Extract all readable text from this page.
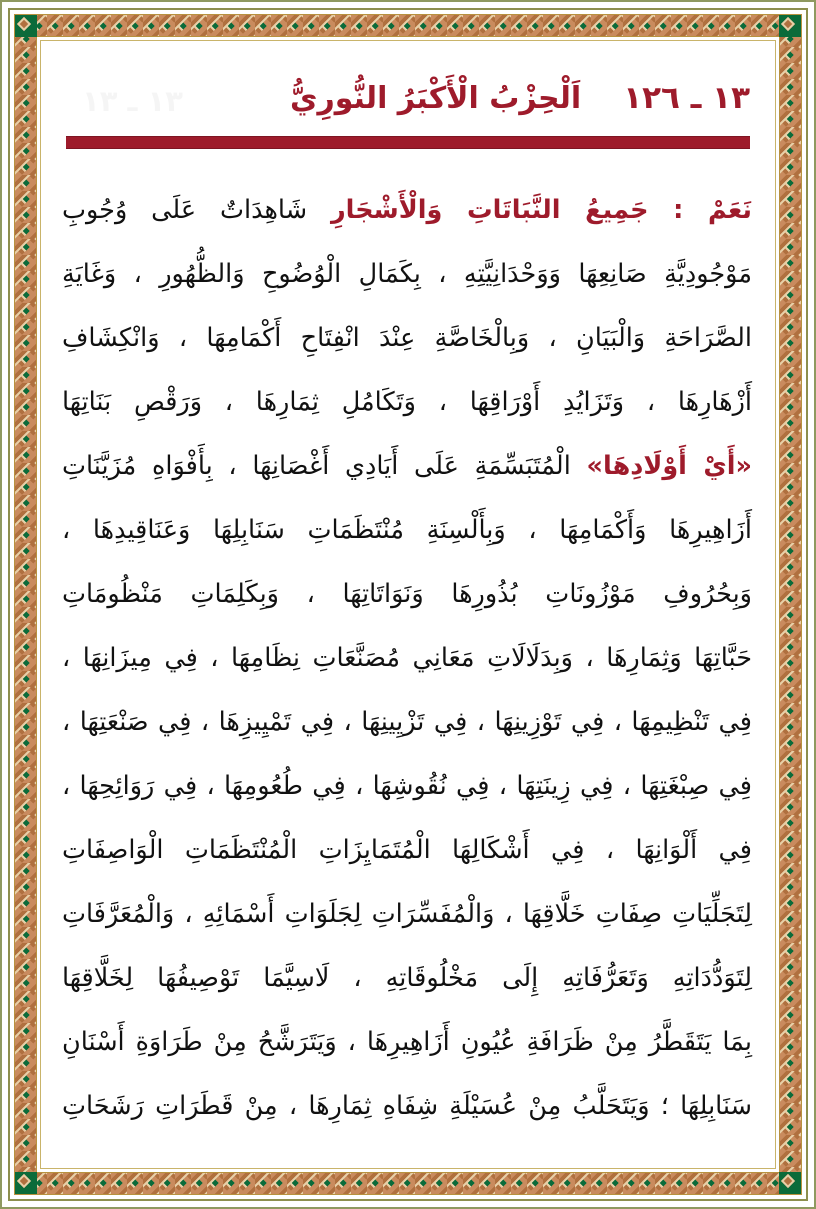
١٣ ـ ١٣	١٣ ـ ١٢٦
اَلْحِزْبُ الْأَكْبَرُ النُّورِيُّ
نَعَمْ : جَمِيعُ النَّبَاتَاتِ وَالْأَشْجَارِ شَاهِدَاتٌ عَلَى وُجُوبِ
مَوْجُودِيَّةِ صَانِعِهَا وَوَحْدَانِيَّتِهِ ، بِكَمَالِ الْوُضُوحِ وَالظُّهُورِ ، وَغَايَةِ
الصَّرَاحَةِ وَالْبَيَانِ ، وَبِالْخَاصَّةِ عِنْدَ انْفِتَاحِ أَكْمَامِهَا ، وَانْكِشَافِ
أَزْهَارِهَا ، وَتَزَايُدِ أَوْرَاقِهَا ، وَتَكَامُلِ ثِمَارِهَا ، وَرَقْصِ بَنَاتِهَا
«أَيْ أَوْلَادِهَا» الْمُتَبَسِّمَةِ عَلَى أَيَادِي أَغْصَانِهَا ، بِأَفْوَاهِ مُزَيَّنَاتِ
أَزَاهِيرِهَا وَأَكْمَامِهَا ، وَبِأَلْسِنَةِ مُنْتَظَمَاتِ سَنَابِلِهَا وَعَنَاقِيدِهَا ،
وَبِحُرُوفِ مَوْزُونَاتِ بُذُورِهَا وَنَوَاتَاتِهَا ، وَبِكَلِمَاتِ مَنْظُومَاتِ
حَبَّاتِهَا وَثِمَارِهَا ، وَبِدَلَالَاتِ مَعَانِي مُصَنَّعَاتِ نِظَامِهَا ، فِي مِيزَانِهَا ،
فِي تَنْظِيمِهَا ، فِي تَوْزِينِهَا ، فِي تَزْيِينِهَا ، فِي تَمْيِيزِهَا ، فِي صَنْعَتِهَا ،
فِي صِبْغَتِهَا ، فِي زِينَتِهَا ، فِي نُقُوشِهَا ، فِي طُعُومِهَا ، فِي رَوَائِحِهَا ،
فِي أَلْوَانِهَا ، فِي أَشْكَالِهَا الْمُتَمَايِزَاتِ الْمُنْتَظَمَاتِ الْوَاصِفَاتِ
لِتَجَلِّيَاتِ صِفَاتِ خَلَّاقِهَا ، وَالْمُفَسِّرَاتِ لِجَلَوَاتِ أَسْمَائِهِ ، وَالْمُعَرَّفَاتِ
لِتَوَدُّدَاتِهِ وَتَعَرُّفَاتِهِ إِلَى مَخْلُوقَاتِهِ ، لَاسِيَّمَا تَوْصِيفُهَا لِخَلَّاقِهَا
بِمَا يَتَقَطَّرُ مِنْ ظَرَافَةِ عُيُونِ أَزَاهِيرِهَا ، وَيَتَرَشَّحُ مِنْ طَرَاوَةِ أَسْنَانِ
سَنَابِلِهَا ؛ وَيَتَحَلَّبُ مِنْ عُسَيْلَةِ شِفَاهِ ثِمَارِهَا ، مِنْ قَطَرَاتِ رَشَحَاتِ
